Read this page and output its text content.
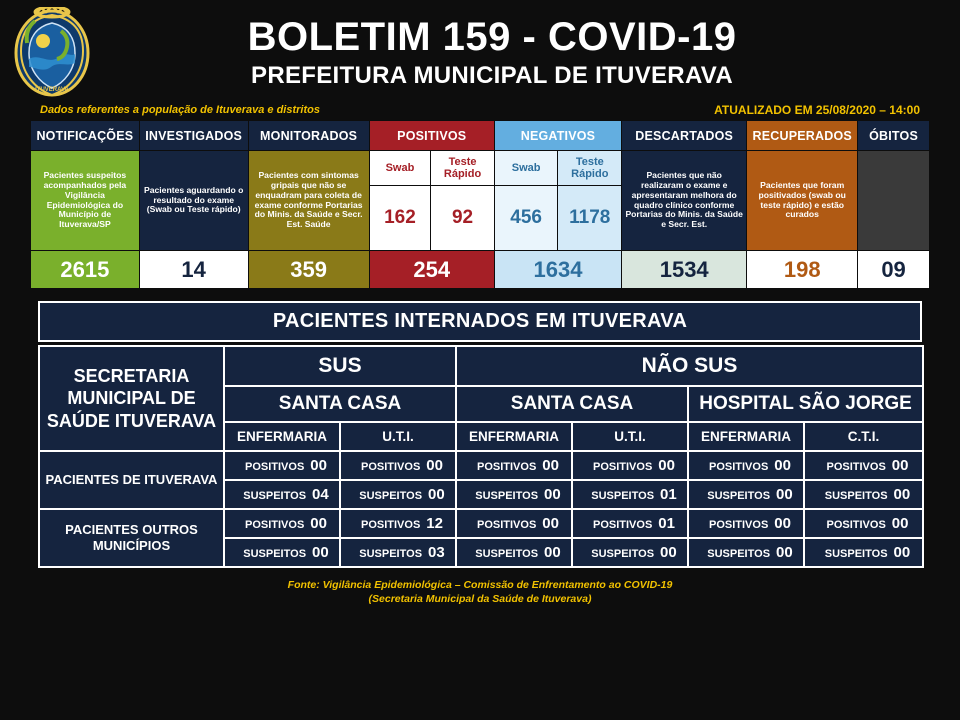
ITUVERAVA
BOLETIM 159 - COVID-19
PREFEITURA MUNICIPAL DE ITUVERAVA
Dados referentes a população de Ituverava e distritos	ATUALIZADO EM 25/08/2020 – 14:00
NOTIFICAÇÕES	INVESTIGADOS	MONITORADOS	POSITIVOS		NEGATIVOS		DESCARTADOS	RECUPERADOS	ÓBITOS
Pacientes suspeitos acompanhados pela Vigilância Epidemiológica do Município de Ituverava/SP	Pacientes aguardando o resultado do exame (Swab ou Teste rápido)	Pacientes com sintomas gripais que não se enquadram para coleta de exame conforme Portarias do Minis. da Saúde e Secr. Est. Saúde	Swab	Teste Rápido	Swab	Teste Rápido	Pacientes que não realizaram o exame e apresentaram melhora do quadro clínico conforme Portarias do Minis. da Saúde e Secr. Est.	Pacientes que foram positivados (swab ou teste rápido) e estão curados	
			162	92	456	1178			
2615	14	359	254		1634		1534	198	09
PACIENTES INTERNADOS EM ITUVERAVA
SECRETARIA MUNICIPAL DE SAÚDE ITUVERAVA	SUS		NÃO SUS			
	SANTA CASA		SANTA CASA		HOSPITAL SÃO JORGE	
	ENFERMARIA	U.T.I.	ENFERMARIA	U.T.I.	ENFERMARIA	C.T.I.
PACIENTES DE ITUVERAVA	POSITIVOS 00	POSITIVOS 00	POSITIVOS 00	POSITIVOS 00	POSITIVOS 00	POSITIVOS 00
	SUSPEITOS 04	SUSPEITOS 00	SUSPEITOS 00	SUSPEITOS 01	SUSPEITOS 00	SUSPEITOS 00
PACIENTES OUTROS MUNICÍPIOS	POSITIVOS 00	POSITIVOS 12	POSITIVOS 00	POSITIVOS 01	POSITIVOS 00	POSITIVOS 00
	SUSPEITOS 00	SUSPEITOS 03	SUSPEITOS 00	SUSPEITOS 00	SUSPEITOS 00	SUSPEITOS 00
Fonte: Vigilância Epidemiológica – Comissão de Enfrentamento ao COVID-19
(Secretaria Municipal da Saúde de Ituverava)
